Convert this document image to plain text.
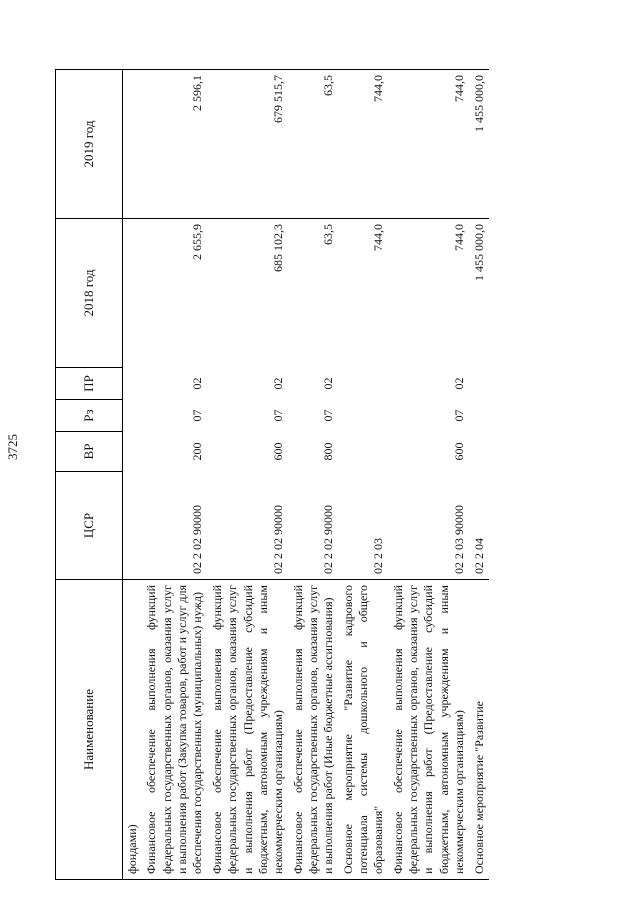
3725
Наименование	ЦСР	ВР	Рз	ПР	2018 год	2019 год
фондами)						
Финансовое обеспечение выполнения функций федеральных государственных органов, оказания услуг и выполнения работ (Закупка товаров, работ и услуг для обеспечения государственных (муниципальных) нужд)	02 2 02 90000	200	07	02	2 655,9	2 596,1
Финансовое обеспечение выполнения функций федеральных государственных органов, оказания услуг и выполнения работ (Предоставление субсидий бюджетным, автономным учреждениям и иным некоммерческим организациям)	02 2 02 90000	600	07	02	685 102,3	679 515,7
Финансовое обеспечение выполнения функций федеральных государственных органов, оказания услуг и выполнения работ (Иные бюджетные ассигнования)	02 2 02 90000	800	07	02	63,5	63,5
Основное мероприятие "Развитие кадрового потенциала системы дошкольного и общего образования"	02 2 03				744,0	744,0
Финансовое обеспечение выполнения функций федеральных государственных органов, оказания услуг и выполнения работ (Предоставление субсидий бюджетным, автономным учреждениям и иным некоммерческим организациям)	02 2 03 90000	600	07	02	744,0	744,0
Основное мероприятие "Развитие	02 2 04				1 455 000,0	1 455 000,0
